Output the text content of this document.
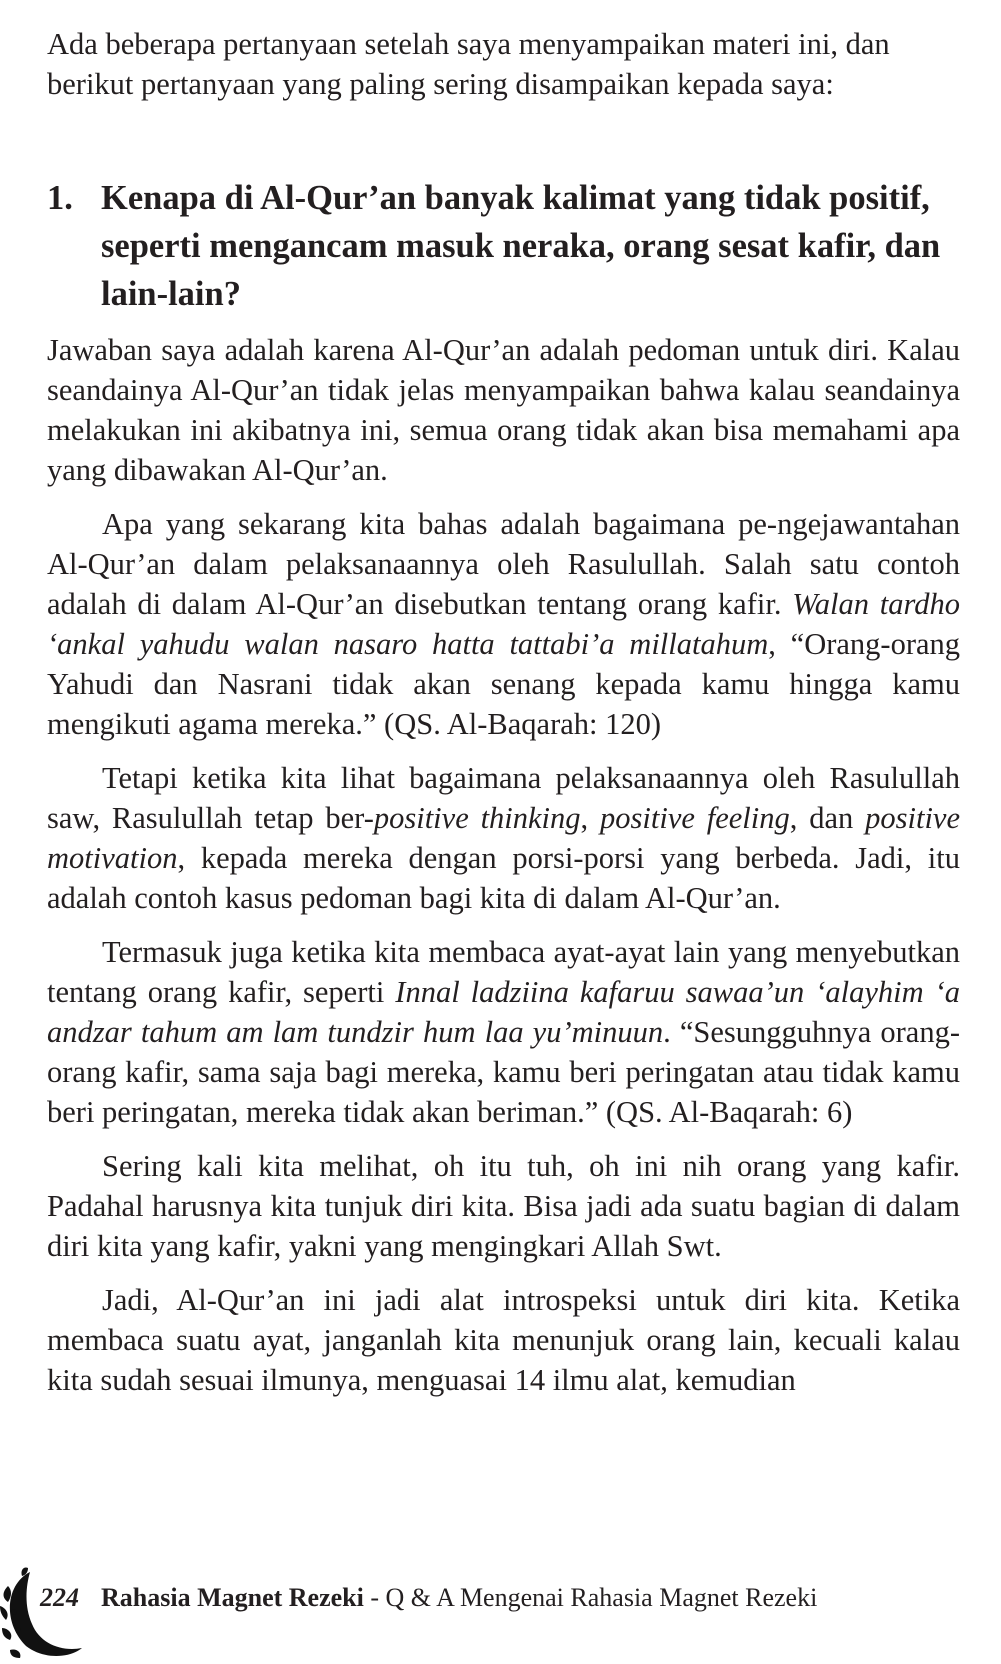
Ada beberapa pertanyaan setelah saya menyampaikan materi ini, dan berikut pertanyaan yang paling sering disampaikan kepada saya:

1. Kenapa di Al-Qur’an banyak kalimat yang tidak positif, seperti mengancam masuk neraka, orang sesat kafir, dan lain-lain?

Jawaban saya adalah karena Al-Qur’an adalah pedoman untuk diri. Kalau seandainya Al-Qur’an tidak jelas menyampaikan bahwa kalau seandainya melakukan ini akibatnya ini, semua orang tidak akan bisa memahami apa yang dibawakan Al-Qur’an.

Apa yang sekarang kita bahas adalah bagaimana pe-ngejawantahan Al-Qur’an dalam pelaksanaannya oleh Rasulullah. Salah satu contoh adalah di dalam Al-Qur’an disebutkan tentang orang kafir. Walan tardho ‘ankal yahudu walan nasaro hatta tattabi’a millatahum, “Orang-orang Yahudi dan Nasrani tidak akan senang kepada kamu hingga kamu mengikuti agama mereka.” (QS. Al-Baqarah: 120)

Tetapi ketika kita lihat bagaimana pelaksanaannya oleh Rasulullah saw, Rasulullah tetap ber-positive thinking, positive feeling, dan positive motivation, kepada mereka dengan porsi-porsi yang berbeda. Jadi, itu adalah contoh kasus pedoman bagi kita di dalam Al-Qur’an.

Termasuk juga ketika kita membaca ayat-ayat lain yang menyebutkan tentang orang kafir, seperti Innal ladziina kafaruu sawaa’un ‘alayhim ‘a andzar tahum am lam tundzir hum laa yu’minuun. “Sesungguhnya orang-orang kafir, sama saja bagi mereka, kamu beri peringatan atau tidak kamu beri peringatan, mereka tidak akan beriman.” (QS. Al-Baqarah: 6)

Sering kali kita melihat, oh itu tuh, oh ini nih orang yang kafir. Padahal harusnya kita tunjuk diri kita. Bisa jadi ada suatu bagian di dalam diri kita yang kafir, yakni yang mengingkari Allah Swt.

Jadi, Al-Qur’an ini jadi alat introspeksi untuk diri kita. Ketika membaca suatu ayat, janganlah kita menunjuk orang lain, kecuali kalau kita sudah sesuai ilmunya, menguasai 14 ilmu alat, kemudian

224 Rahasia Magnet Rezeki - Q & A Mengenai Rahasia Magnet Rezeki
